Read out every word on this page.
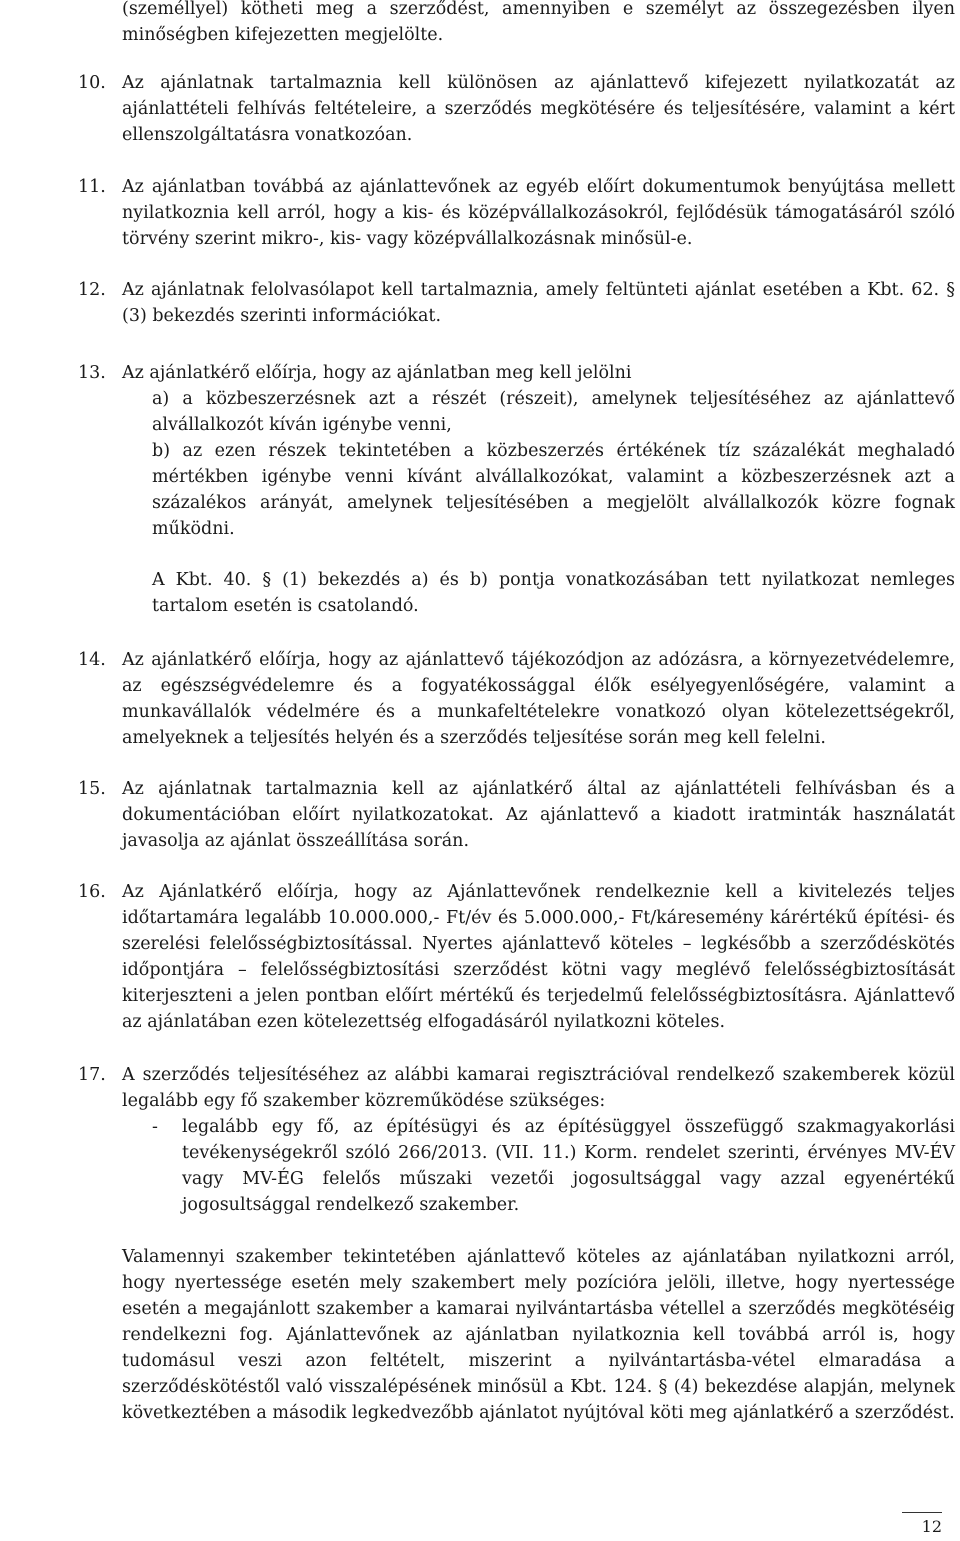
(személlyel) kötheti meg a szerződést, amennyiben e személyt az összegezésben ilyen minőségben kifejezetten megjelölte.
10. Az ajánlatnak tartalmaznia kell különösen az ajánlattevő kifejezett nyilatkozatát az ajánlattételi felhívás feltételeire, a szerződés megkötésére és teljesítésére, valamint a kért ellenszolgáltatásra vonatkozóan.
11. Az ajánlatban továbbá az ajánlattevőnek az egyéb előírt dokumentumok benyújtása mellett nyilatkoznia kell arról, hogy a kis- és középvállalkozásokról, fejlődésük támogatásáról szóló törvény szerint mikro-, kis- vagy középvállalkozásnak minősül-e.
12. Az ajánlatnak felolvasólapot kell tartalmaznia, amely feltünteti ajánlat esetében a Kbt. 62. § (3) bekezdés szerinti információkat.
13. Az ajánlatkérő előírja, hogy az ajánlatban meg kell jelölni
a) a közbeszerzésnek azt a részét (részeit), amelynek teljesítéséhez az ajánlattevő alvállalkozót kíván igénybe venni,
b) az ezen részek tekintetében a közbeszerzés értékének tíz százalékát meghaladó mértékben igénybe venni kívánt alvállalkozókat, valamint a közbeszerzésnek azt a százalékos arányát, amelynek teljesítésében a megjelölt alvállalkozók közre fognak működni.
A Kbt. 40. § (1) bekezdés a) és b) pontja vonatkozásában tett nyilatkozat nemleges tartalom esetén is csatolandó.
14. Az ajánlatkérő előírja, hogy az ajánlattevő tájékozódjon az adózásra, a környezetvédelemre, az egészségvédelemre és a fogyatékossággal élők esélyegyenlőségére, valamint a munkavállalók védelmére és a munkafeltételekre vonatkozó olyan kötelezettségekről, amelyeknek a teljesítés helyén és a szerződés teljesítése során meg kell felelni.
15. Az ajánlatnak tartalmaznia kell az ajánlatkérő által az ajánlattételi felhívásban és a dokumentációban előírt nyilatkozatokat. Az ajánlattevő a kiadott iratminták használatát javasolja az ajánlat összeállítása során.
16. Az Ajánlatkérő előírja, hogy az Ajánlattevőnek rendelkeznie kell a kivitelezés teljes időtartamára legalább 10.000.000,- Ft/év és 5.000.000,- Ft/káresemény kárértékű építési- és szerelési felelősségbiztosítással. Nyertes ajánlattevő köteles – legkésőbb a szerződéskötés időpontjára – felelősségbiztosítási szerződést kötni vagy meglévő felelősségbiztosítását kiterjeszteni a jelen pontban előírt mértékű és terjedelmű felelősségbiztosításra. Ajánlattevő az ajánlatában ezen kötelezettség elfogadásáról nyilatkozni köteles.
17. A szerződés teljesítéséhez az alábbi kamarai regisztrációval rendelkező szakemberek közül legalább egy fő szakember közreműködése szükséges:
- legalább egy fő, az építésügyi és az építésüggyel összefüggő szakmagyakorlási tevékenységekről szóló 266/2013. (VII. 11.) Korm. rendelet szerinti, érvényes MV-ÉV vagy MV-ÉG felelős műszaki vezetői jogosultsággal vagy azzal egyenértékű jogosultsággal rendelkező szakember.
Valamennyi szakember tekintetében ajánlattevő köteles az ajánlatában nyilatkozni arról, hogy nyertessége esetén mely szakembert mely pozícióra jelöli, illetve, hogy nyertessége esetén a megajánlott szakember a kamarai nyilvántartásba vétellel a szerződés megkötéséig rendelkezni fog. Ajánlattevőnek az ajánlatban nyilatkoznia kell továbbá arról is, hogy tudomásul veszi azon feltételt, miszerint a nyilvántartásba-vétel elmaradása a szerződéskötéstől való visszalépésének minősül a Kbt. 124. § (4) bekezdése alapján, melynek következtében a második legkedvezőbb ajánlatot nyújtóval köti meg ajánlatkérő a szerződést.
12
